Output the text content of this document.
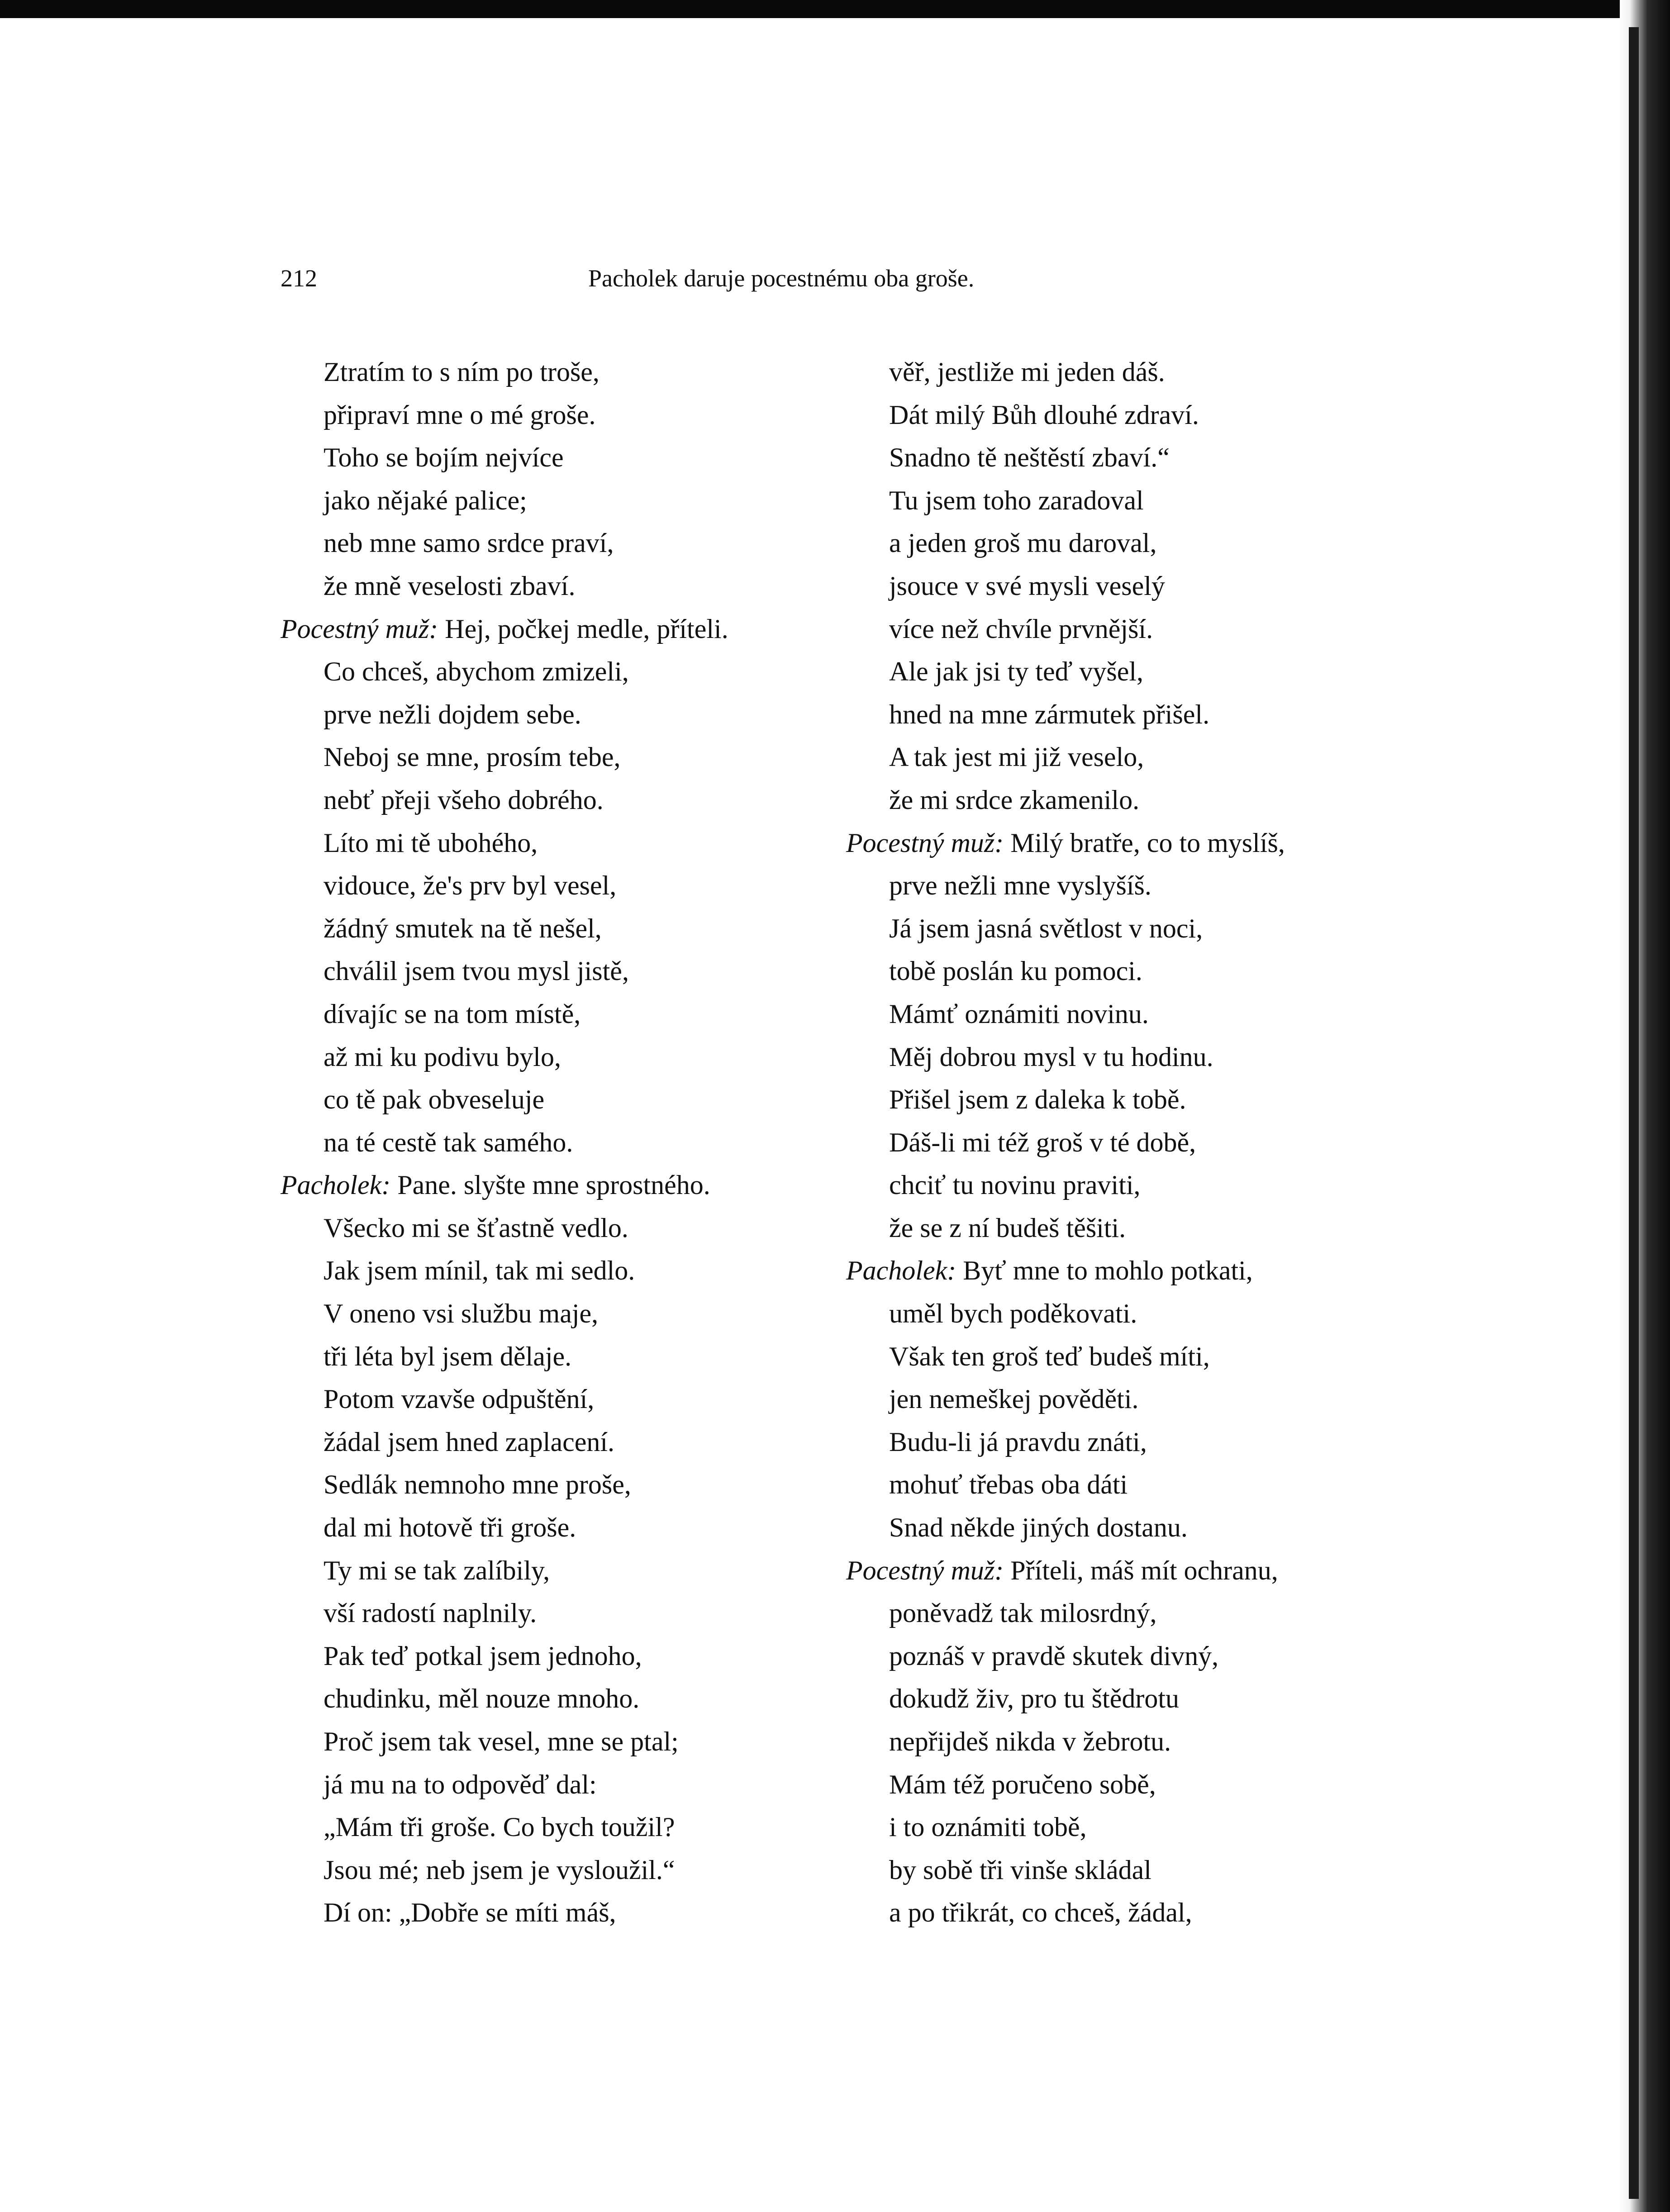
212	Pacholek daruje pocestnému oba groše.
Ztratím to s ním po troše,
připraví mne o mé groše.
Toho se bojím nejvíce
jako nějaké palice;
neb mne samo srdce praví,
že mně veselosti zbaví.
Pocestný muž: Hej, počkej medle, příteli.
Co chceš, abychom zmizeli,
prve nežli dojdem sebe.
Neboj se mne, prosím tebe,
nebť přeji všeho dobrého.
Líto mi tě ubohého,
vidouce, že's prv byl vesel,
žádný smutek na tě nešel,
chválil jsem tvou mysl jistě,
dívajíc se na tom místě,
až mi ku podivu bylo,
co tě pak obveseluje
na té cestě tak samého.
Pacholek: Pane. slyšte mne sprostného.
Všecko mi se šťastně vedlo.
Jak jsem mínil, tak mi sedlo.
V oneno vsi službu maje,
tři léta byl jsem dělaje.
Potom vzavše odpuštění,
žádal jsem hned zaplacení.
Sedlák nemnoho mne proše,
dal mi hotově tři groše.
Ty mi se tak zalíbily,
vší radostí naplnily.
Pak teď potkal jsem jednoho,
chudinku, měl nouze mnoho.
Proč jsem tak vesel, mne se ptal;
já mu na to odpověď dal:
„Mám tři groše. Co bych toužil?
Jsou mé; neb jsem je vysloužil.“
Dí on: „Dobře se míti máš,
věř, jestliže mi jeden dáš.
Dát milý Bůh dlouhé zdraví.
Snadno tě neštěstí zbaví.“
Tu jsem toho zaradoval
a jeden groš mu daroval,
jsouce v své mysli veselý
více než chvíle prvnější.
Ale jak jsi ty teď vyšel,
hned na mne zármutek přišel.
A tak jest mi již veselo,
že mi srdce zkamenilo.
Pocestný muž: Milý bratře, co to myslíš,
prve nežli mne vyslyšíš.
Já jsem jasná světlost v noci,
tobě poslán ku pomoci.
Mámť oznámiti novinu.
Měj dobrou mysl v tu hodinu.
Přišel jsem z daleka k tobě.
Dáš-li mi též groš v té době,
chciť tu novinu praviti,
že se z ní budeš těšiti.
Pacholek: Byť mne to mohlo potkati,
uměl bych poděkovati.
Však ten groš teď budeš míti,
jen nemeškej pověděti.
Budu-li já pravdu znáti,
mohuť třebas oba dáti
Snad někde jiných dostanu.
Pocestný muž: Příteli, máš mít ochranu,
poněvadž tak milosrdný,
poznáš v pravdě skutek divný,
dokudž živ, pro tu štědrotu
nepřijdeš nikda v žebrotu.
Mám též poručeno sobě,
i to oznámiti tobě,
by sobě tři vinše skládal
a po třikrát, co chceš, žádal,
